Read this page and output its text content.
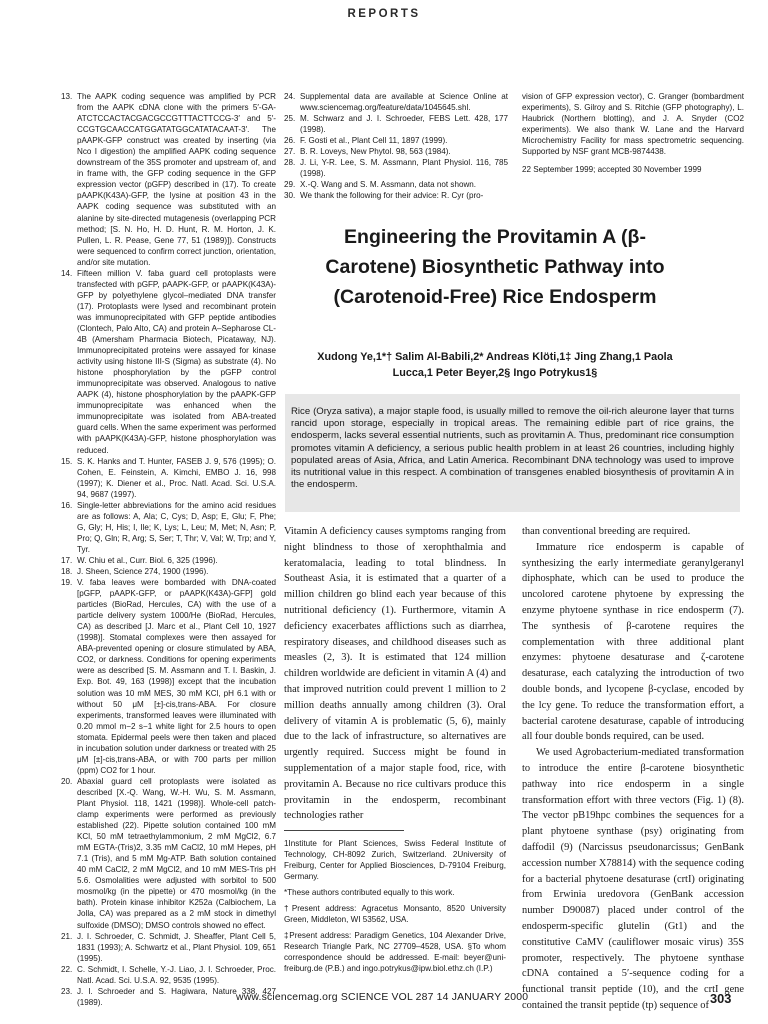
REPORTS
13. The AAPK coding sequence was amplified by PCR from the AAPK cDNA clone with the primers 5′-GA-ATCTCCACTACGACGCCGTTTACTTCCG-3′ and 5′-CCGTGCAACCATGGATATGGCATATACAAT-3′. The pAAPK-GFP construct was created by inserting (via Nco I digestion) the amplified AAPK coding sequence downstream of the 35S promoter and upstream of, and in frame with, the GFP coding sequence in the GFP expression vector (pGFP) described in (17). To create pAAPK(K43A)-GFP, the lysine at position 43 in the AAPK coding sequence was substituted with an alanine by site-directed mutagenesis (overlapping PCR method; [S. N. Ho, H. D. Hunt, R. M. Horton, J. K. Pullen, L. R. Pease, Gene 77, 51 (1989)]). Constructs were sequenced to confirm correct junction, orientation, and/or site mutation.
14. Fifteen million V. faba guard cell protoplasts were transfected with pGFP, pAAPK-GFP, or pAAPK(K43A)-GFP by polyethylene glycol–mediated DNA transfer (17). Protoplasts were lysed and recombinant protein was immunoprecipitated with GFP peptide antibodies (Clontech, Palo Alto, CA) and protein A–Sepharose CL-4B (Amersham Pharmacia Biotech, Picataway, NJ). Immunoprecipitated proteins were assayed for kinase activity using histone III-S (Sigma) as substrate (4). No histone phosphorylation by the pGFP control immunoprecipitate was observed. Analogous to native AAPK (4), histone phosphorylation by the pAAPK-GFP immunoprecipitate was enhanced when the immunoprecipitate was isolated from ABA-treated guard cells. When the same experiment was performed with pAAPK(K43A)-GFP, histone phosphorylation was reduced.
15. S. K. Hanks and T. Hunter, FASEB J. 9, 576 (1995); O. Cohen, E. Feinstein, A. Kimchi, EMBO J. 16, 998 (1997); K. Diener et al., Proc. Natl. Acad. Sci. U.S.A. 94, 9687 (1997).
16. Single-letter abbreviations for the amino acid residues are as follows: A, Ala; C, Cys; D, Asp; E, Glu; F, Phe; G, Gly; H, His; I, Ile; K, Lys; L, Leu; M, Met; N, Asn; P, Pro; Q, Gln; R, Arg; S, Ser; T, Thr; V, Val; W, Trp; and Y, Tyr.
17. W. Chiu et al., Curr. Biol. 6, 325 (1996).
18. J. Sheen, Science 274, 1900 (1996).
19. V. faba leaves were bombarded with DNA-coated [pGFP, pAAPK-GFP, or pAAPK(K43A)-GFP] gold particles (BioRad, Hercules, CA) with the use of a particle delivery system 1000/He (BioRad, Hercules, CA) as described [J. Marc et al., Plant Cell 10, 1927 (1998)]. Stomatal complexes were then assayed for ABA-prevented opening or closure stimulated by ABA, CO2, or darkness. Conditions for opening experiments were as described [S. M. Assmann and T. I. Baskin, J. Exp. Bot. 49, 163 (1998)] except that the incubation solution was 10 mM MES, 30 mM KCl, pH 6.1 with or without 50 μM [±]-cis,trans-ABA. For closure experiments, transformed leaves were illuminated with 0.20 mmol m−2 s−1 white light for 2.5 hours to open stomata. Epidermal peels were then taken and placed in incubation solution under darkness or treated with 25 μM [±]-cis,trans-ABA, or with 700 parts per million (ppm) CO2 for 1 hour.
20. Abaxial guard cell protoplasts were isolated as described [X.-Q. Wang, W.-H. Wu, S. M. Assmann, Plant Physiol. 118, 1421 (1998)]. Whole-cell patch-clamp experiments were performed as previously established (22). Pipette solution contained 100 mM KCl, 50 mM tetraethylammonium, 2 mM MgCl2, 6.7 mM EGTA-(Tris)2, 3.35 mM CaCl2, 10 mM Hepes, pH 7.1 (Tris), and 5 mM Mg-ATP. Bath solution contained 40 mM CaCl2, 2 mM MgCl2, and 10 mM MES-Tris pH 5.6. Osmolalities were adjusted with sorbitol to 500 mosmol/kg (in the pipette) or 470 mosmol/kg (in the bath). Protein kinase inhibitor K252a (Calbiochem, La Jolla, CA) was prepared as a 2 mM stock in dimethyl sulfoxide (DMSO); DMSO controls showed no effect.
21. J. I. Schroeder, C. Schmidt, J. Sheaffer, Plant Cell 5, 1831 (1993); A. Schwartz et al., Plant Physiol. 109, 651 (1995).
22. C. Schmidt, I. Schelle, Y.-J. Liao, J. I. Schroeder, Proc. Natl. Acad. Sci. U.S.A. 92, 9535 (1995).
23. J. I. Schroeder and S. Hagiwara, Nature 338, 427 (1989).
24. Supplemental data are available at Science Online at www.sciencemag.org/feature/data/1045645.shl.
25. M. Schwarz and J. I. Schroeder, FEBS Lett. 428, 177 (1998).
26. F. Gosti et al., Plant Cell 11, 1897 (1999).
27. B. R. Loveys, New Phytol. 98, 563 (1984).
28. J. Li, Y-R. Lee, S. M. Assmann, Plant Physiol. 116, 785 (1998).
29. X.-Q. Wang and S. M. Assmann, data not shown.
30. We thank the following for their advice: R. Cyr (pro-

vision of GFP expression vector), C. Granger (bombardment experiments), S. Gilroy and S. Ritchie (GFP photography), L. Haubrick (Northern blotting), and J. A. Snyder (CO2 experiments). We also thank W. Lane and the Harvard Microchemistry Facility for mass spectrometric sequencing. Supported by NSF grant MCB-9874438.

22 September 1999; accepted 30 November 1999

Engineering the Provitamin A (β-Carotene) Biosynthetic Pathway into (Carotenoid-Free) Rice Endosperm
Xudong Ye,1*† Salim Al-Babili,2* Andreas Klöti,1‡ Jing Zhang,1 Paola Lucca,1 Peter Beyer,2§ Ingo Potrykus1§
Rice (Oryza sativa), a major staple food, is usually milled to remove the oil-rich aleurone layer that turns rancid upon storage, especially in tropical areas. The remaining edible part of rice grains, the endosperm, lacks several essential nutrients, such as provitamin A. Thus, predominant rice consumption promotes vitamin A deficiency, a serious public health problem in at least 26 countries, including highly populated areas of Asia, Africa, and Latin America. Recombinant DNA technology was used to improve its nutritional value in this respect. A combination of transgenes enabled biosynthesis of provitamin A in the endosperm.

Vitamin A deficiency causes symptoms ranging from night blindness to those of xerophthalmia and keratomalacia, leading to total blindness. In Southeast Asia, it is estimated that a quarter of a million children go blind each year because of this nutritional deficiency (1). Furthermore, vitamin A deficiency exacerbates afflictions such as diarrhea, respiratory diseases, and childhood diseases such as measles (2, 3). It is estimated that 124 million children worldwide are deficient in vitamin A (4) and that improved nutrition could prevent 1 million to 2 million deaths annually among children (3). Oral delivery of vitamin A is problematic (5, 6), mainly due to the lack of infrastructure, so alternatives are urgently required. Success might be found in supplementation of a major staple food, rice, with provitamin A. Because no rice cultivars produce this provitamin in the endosperm, recombinant technologies rather

1Institute for Plant Sciences, Swiss Federal Institute of Technology, CH-8092 Zurich, Switzerland. 2University of Freiburg, Center for Applied Biosciences, D-79104 Freiburg, Germany.

*These authors contributed equally to this work.

†Present address: Agracetus Monsanto, 8520 University Green, Middleton, WI 53562, USA.

‡Present address: Paradigm Genetics, 104 Alexander Drive, Research Triangle Park, NC 27709–4528, USA. §To whom correspondence should be addressed. E-mail: beyer@uni-freiburg.de (P.B.) and ingo.potrykus@ipw.biol.ethz.ch (I.P.)

than conventional breeding are required.

Immature rice endosperm is capable of synthesizing the early intermediate geranylgeranyl diphosphate, which can be used to produce the uncolored carotene phytoene by expressing the enzyme phytoene synthase in rice endosperm (7). The synthesis of β-carotene requires the complementation with three additional plant enzymes: phytoene desaturase and ζ-carotene desaturase, each catalyzing the introduction of two double bonds, and lycopene β-cyclase, encoded by the lcy gene. To reduce the transformation effort, a bacterial carotene desaturase, capable of introducing all four double bonds required, can be used.

We used Agrobacterium-mediated transformation to introduce the entire β-carotene biosynthetic pathway into rice endosperm in a single transformation effort with three vectors (Fig. 1) (8). The vector pB19hpc combines the sequences for a plant phytoene synthase (psy) originating from daffodil (9) (Narcissus pseudonarcissus; GenBank accession number X78814) with the sequence coding for a bacterial phytoene desaturase (crtI) originating from Erwinia uredovora (GenBank accession number D90087) placed under control of the endosperm-specific glutelin (Gt1) and the constitutive CaMV (cauliflower mosaic virus) 35S promoter, respectively. The phytoene synthase cDNA contained a 5′-sequence coding for a functional transit peptide (10), and the crtI gene contained the transit peptide (tp) sequence of

www.sciencemag.org SCIENCE VOL 287 14 JANUARY 2000	303
